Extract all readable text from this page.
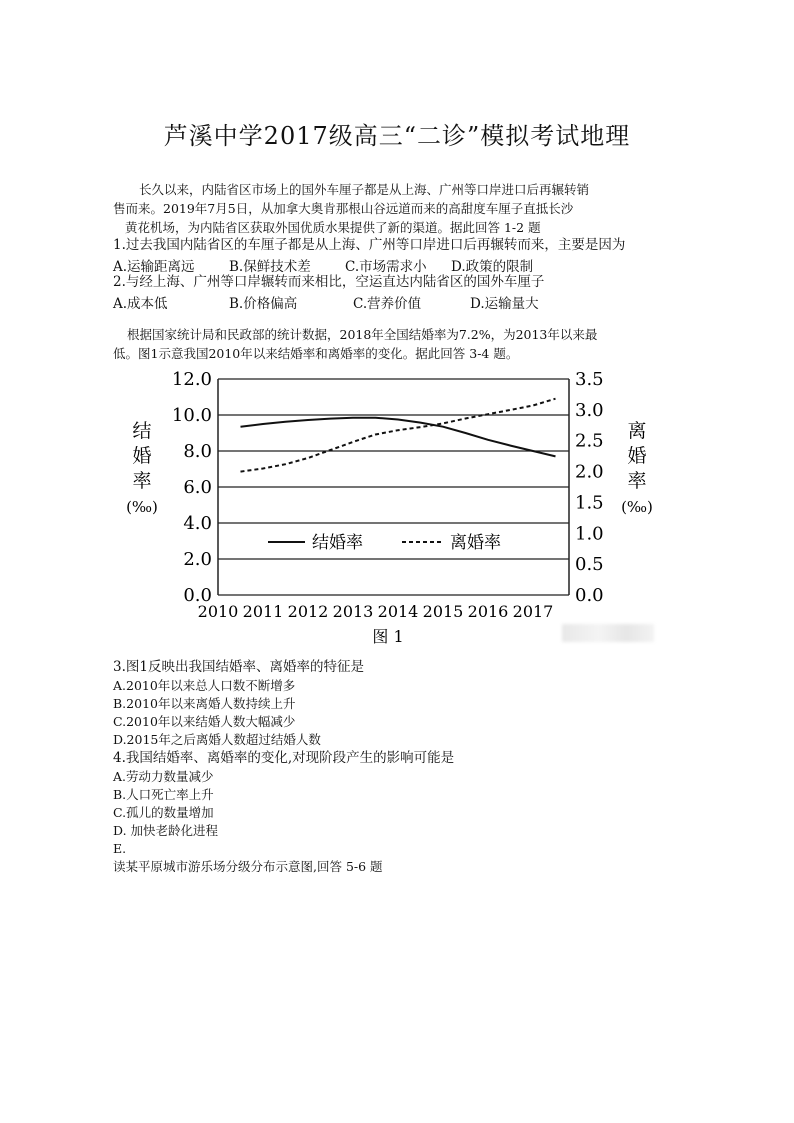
芦溪中学2017级高三“二诊”模拟考试地理
长久以来，内陆省区市场上的国外车厘子都是从上海、广州等口岸进口后再辗转销
售而来。2019年7月5日，从加拿大奥肯那根山谷远道而来的高甜度车厘子直抵长沙
黄花机场，为内陆省区获取外国优质水果提供了新的渠道。据此回答 1-2 题
1.过去我国内陆省区的车厘子都是从上海、广州等口岸进口后再辗转而来，主要是因为
A.运输距离远	B.保鲜技术差	C.市场需求小 D.政策的限制
2.与经上海、广州等口岸辗转而来相比，空运直达内陆省区的国外车厘子
A.成本低	B.价格偏高	C.营养价值	D.运输量大
根据国家统计局和民政部的统计数据，2018年全国结婚率为7.2%，为2013年以来最
低。图1示意我国2010年以来结婚率和离婚率的变化。据此回答 3-4 题。
0.0
2.0
4.0
6.0
8.0
10.0
12.0
0.0
0.5
1.0
1.5
2.0
2.5
3.0
3.5
2010 2011 2012 2013 2014 2015 2016 2017
结
婚
率
(‰)
离
婚
率
(‰)
结婚率	离婚率
图 1
3.图1反映出我国结婚率、离婚率的特征是
A.2010年以来总人口数不断增多
B.2010年以来离婚人数持续上升
C.2010年以来结婚人数大幅减少
D.2015年之后离婚人数超过结婚人数
4.我国结婚率、离婚率的变化,对现阶段产生的影响可能是
A.劳动力数量减少
B.人口死亡率上升
C.孤儿的数量增加
D. 加快老龄化进程
E.
读某平原城市游乐场分级分布示意图,回答 5-6 题
